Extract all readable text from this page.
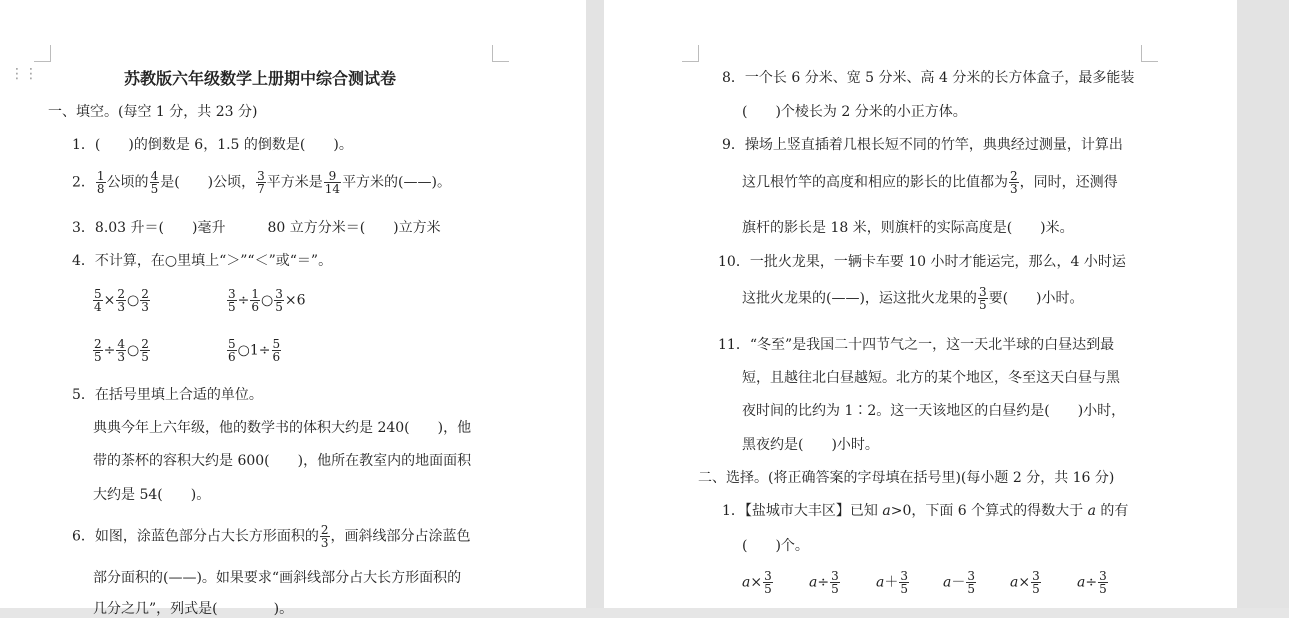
⋮⋮	苏教版六年级数学上册期中综合测试卷
一、填空。(每空 1 分，共 23 分)
1．(　　)的倒数是 6，1.5 的倒数是(　　)。
2． $\frac{1}{8}$ 公顷的 $\frac{4}{5}$ 是(　　)公顷， $\frac{3}{7}$ 平方米是 $\frac{9}{14}$ 平方米的(——)。
3．8.03 升＝(　　)毫升　　　80 立方分米＝(　　)立方米
4．不计算，在○里填上“＞”“＜”或“＝”。
$\frac{5}{4} \times \frac{2}{3}$ ○ $\frac{2}{3}$	$\frac{3}{5} \div \frac{1}{6}$ ○ $\frac{3}{5} \times 6$
$\frac{2}{5} \div \frac{4}{3}$ ○ $\frac{2}{5}$	$\frac{5}{6}$ ○1÷ $\frac{5}{6}$
5．在括号里填上合适的单位。
典典今年上六年级，他的数学书的体积大约是 240(　　)，他
带的茶杯的容积大约是 600(　　)，他所在教室内的地面面积
大约是 54(　　)。
6．如图，涂蓝色部分占大长方形面积的 $\frac{2}{3}$ ，画斜线部分占涂蓝色
部分面积的(——)。如果要求“画斜线部分占大长方形面积的
几分之几”，列式是(　　　　)。
8．一个长 6 分米、宽 5 分米、高 4 分米的长方体盒子，最多能装
(　　)个棱长为 2 分米的小正方体。
9．操场上竖直插着几根长短不同的竹竿，典典经过测量，计算出
这几根竹竿的高度和相应的影长的比值都为 $\frac{2}{3}$ ，同时，还测得
旗杆的影长是 18 米，则旗杆的实际高度是(　　)米。
10．一批火龙果，一辆卡车要 10 小时才能运完，那么，4 小时运
这批火龙果的(——)，运这批火龙果的 $\frac{3}{5}$ 要(　　)小时。
11．“冬至”是我国二十四节气之一，这一天北半球的白昼达到最
短，且越往北白昼越短。北方的某个地区，冬至这天白昼与黑
夜时间的比约为 1∶2。这一天该地区的白昼约是(　　)小时，
黑夜约是(　　)小时。
二、选择。(将正确答案的字母填在括号里)(每小题 2 分，共 16 分)
1．【盐城市大丰区】已知 a>0，下面 6 个算式的得数大于 a 的有
(　　)个。
$a\times \frac{3}{5}$	$a\div \frac{3}{5}$	$a+ \frac{3}{5} a- \frac{3}{5} a\times \frac{3}{5}$	$a\div \frac{3}{5}$
